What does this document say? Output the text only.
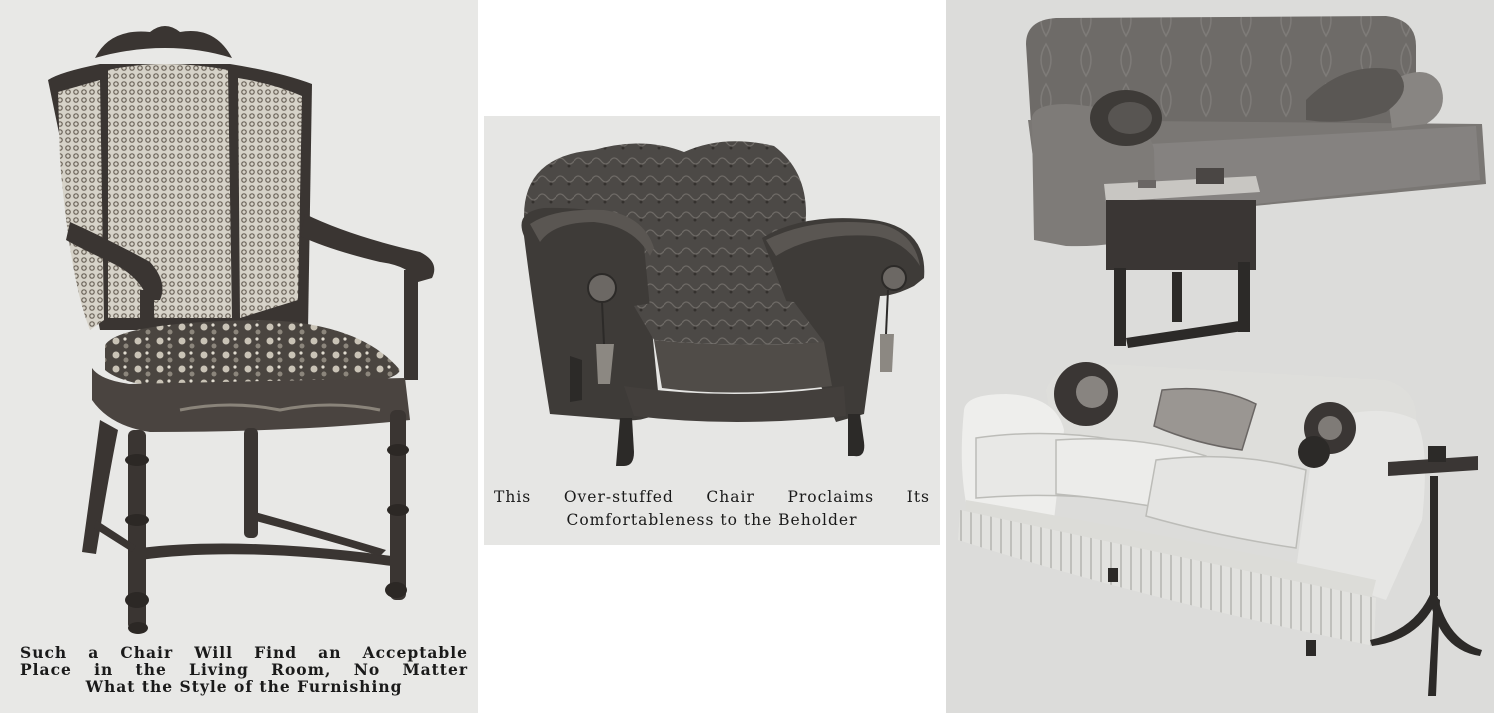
Such a Chair Will Find an Acceptable
Place in the Living Room, No Matter
What the Style of the Furnishing

This Over-stuffed Chair Proclaims Its
Comfortableness to the Beholder
